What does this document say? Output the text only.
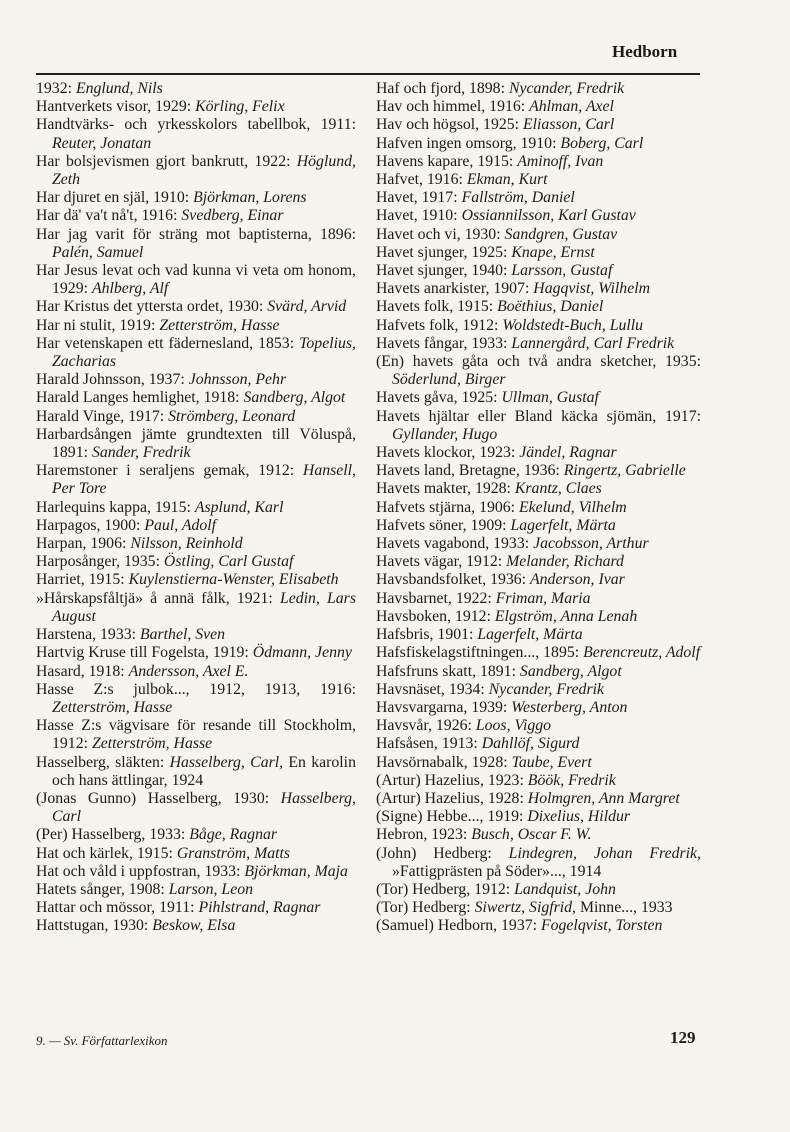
Hedborn
1932: Englund, Nils
Hantverkets visor, 1929: Körling, Felix
Handtvärks- och yrkesskolors tabellbok, 1911: Reuter, Jonatan
Har bolsjevismen gjort bankrutt, 1922: Höglund, Zeth
Har djuret en själ, 1910: Björkman, Lorens
Har dä' va't nå't, 1916: Svedberg, Einar
Har jag varit för sträng mot baptisterna, 1896: Palén, Samuel
Har Jesus levat och vad kunna vi veta om honom, 1929: Ahlberg, Alf
Har Kristus det yttersta ordet, 1930: Svärd, Arvid
Har ni stulit, 1919: Zetterström, Hasse
Har vetenskapen ett fädernesland, 1853: Topelius, Zacharias
Harald Johnsson, 1937: Johnsson, Pehr
Harald Langes hemlighet, 1918: Sandberg, Algot
Harald Vinge, 1917: Strömberg, Leonard
Harbardsången jämte grundtexten till Völuspå, 1891: Sander, Fredrik
Haremstoner i seraljens gemak, 1912: Hansell, Per Tore
Harlequins kappa, 1915: Asplund, Karl
Harpagos, 1900: Paul, Adolf
Harpan, 1906: Nilsson, Reinhold
Harposånger, 1935: Östling, Carl Gustaf
Harriet, 1915: Kuylenstierna-Wenster, Elisabeth
»Hårskapsfåltjä» å annä fålk, 1921: Ledin, Lars August
Harstena, 1933: Barthel, Sven
Hartvig Kruse till Fogelsta, 1919: Ödmann, Jenny
Hasard, 1918: Andersson, Axel E.
Hasse Z:s julbok..., 1912, 1913, 1916: Zetterström, Hasse
Hasse Z:s vägvisare för resande till Stockholm, 1912: Zetterström, Hasse
Hasselberg, släkten: Hasselberg, Carl, En karolin och hans ättlingar, 1924
(Jonas Gunno) Hasselberg, 1930: Hasselberg, Carl
(Per) Hasselberg, 1933: Båge, Ragnar
Hat och kärlek, 1915: Granström, Matts
Hat och våld i uppfostran, 1933: Björkman, Maja
Hatets sånger, 1908: Larson, Leon
Hattar och mössor, 1911: Pihlstrand, Ragnar
Hattstugan, 1930: Beskow, Elsa
Haf och fjord, 1898: Nycander, Fredrik
Hav och himmel, 1916: Ahlman, Axel
Hav och högsol, 1925: Eliasson, Carl
Hafven ingen omsorg, 1910: Boberg, Carl
Havens kapare, 1915: Aminoff, Ivan
Hafvet, 1916: Ekman, Kurt
Havet, 1917: Fallström, Daniel
Havet, 1910: Ossiannilsson, Karl Gustav
Havet och vi, 1930: Sandgren, Gustav
Havet sjunger, 1925: Knape, Ernst
Havet sjunger, 1940: Larsson, Gustaf
Havets anarkister, 1907: Hagqvist, Wilhelm
Havets folk, 1915: Boëthius, Daniel
Hafvets folk, 1912: Woldstedt-Buch, Lullu
Havets fångar, 1933: Lannergård, Carl Fredrik
(En) havets gåta och två andra sketcher, 1935: Söderlund, Birger
Havets gåva, 1925: Ullman, Gustaf
Havets hjältar eller Bland käcka sjömän, 1917: Gyllander, Hugo
Havets klockor, 1923: Jändel, Ragnar
Havets land, Bretagne, 1936: Ringertz, Gabrielle
Havets makter, 1928: Krantz, Claes
Hafvets stjärna, 1906: Ekelund, Vilhelm
Hafvets söner, 1909: Lagerfelt, Märta
Havets vagabond, 1933: Jacobsson, Arthur
Havets vägar, 1912: Melander, Richard
Havsbandsfolket, 1936: Anderson, Ivar
Havsbarnet, 1922: Friman, Maria
Havsboken, 1912: Elgström, Anna Lenah
Hafsbris, 1901: Lagerfelt, Märta
Hafsfiskelagstiftningen..., 1895: Berencreutz, Adolf
Hafsfruns skatt, 1891: Sandberg, Algot
Havsnäset, 1934: Nycander, Fredrik
Havsvargarna, 1939: Westerberg, Anton
Havsvår, 1926: Loos, Viggo
Hafsåsen, 1913: Dahllöf, Sigurd
Havsörnabalk, 1928: Taube, Evert
(Artur) Hazelius, 1923: Böök, Fredrik
(Artur) Hazelius, 1928: Holmgren, Ann Margret
(Signe) Hebbe..., 1919: Dixelius, Hildur
Hebron, 1923: Busch, Oscar F. W.
(John) Hedberg: Lindegren, Johan Fredrik, »Fattigprästen på Söder»..., 1914
(Tor) Hedberg, 1912: Landquist, John
(Tor) Hedberg: Siwertz, Sigfrid, Minne..., 1933
(Samuel) Hedborn, 1937: Fogelqvist, Torsten
9. — Sv. Författarlexikon	129
